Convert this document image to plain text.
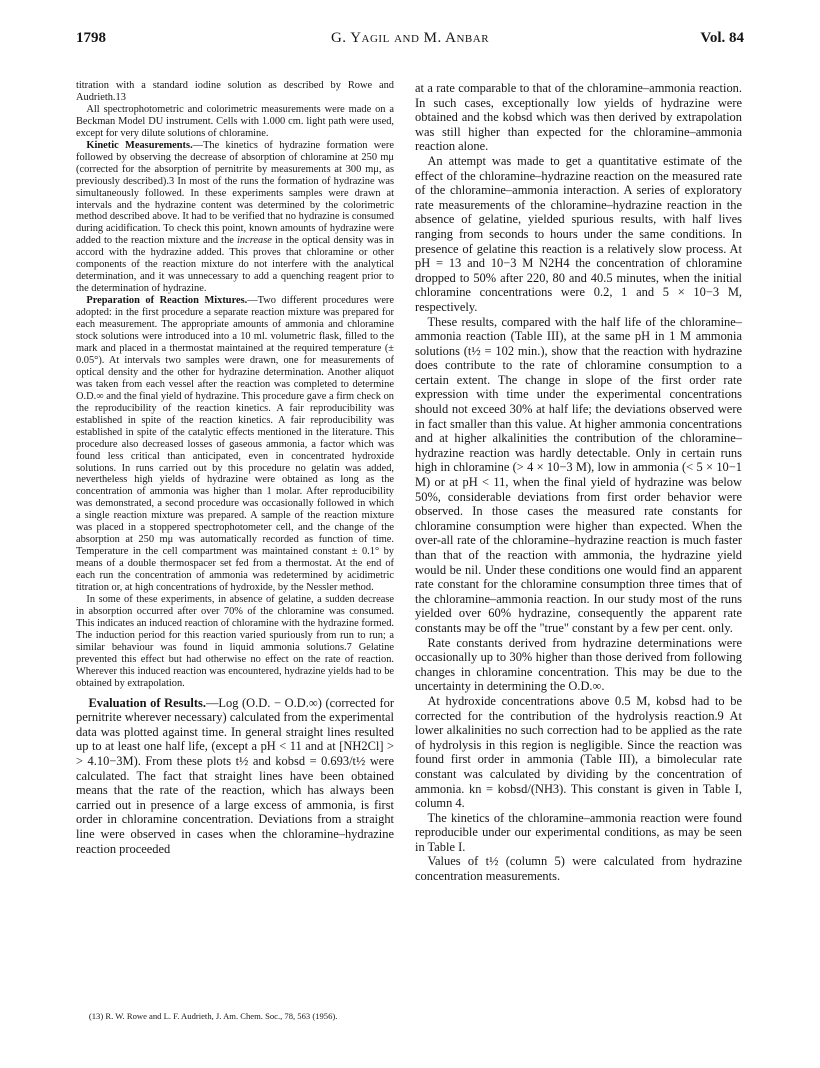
1798	G. Yagil and M. Anbar	Vol. 84

titration with a standard iodine solution as described by Rowe and Audrieth.13

All spectrophotometric and colorimetric measurements were made on a Beckman Model DU instrument. Cells with 1.000 cm. light path were used, except for very dilute solutions of chloramine.

Kinetic Measurements.—The kinetics of hydrazine formation were followed by observing the decrease of absorption of chloramine at 250 mμ (corrected for the absorption of pernitrite by measurements at 300 mμ, as previously described).3 In most of the runs the formation of hydrazine was simultaneously followed. In these experiments samples were drawn at intervals and the hydrazine content was determined by the colorimetric method described above. It had to be verified that no hydrazine is consumed during acidification. To check this point, known amounts of hydrazine were added to the reaction mixture and the increase in the optical density was in accord with the hydrazine added. This proves that chloramine or other components of the reaction mixture do not interfere with the analytical determination, and it was unnecessary to add a quenching reagent prior to the determination of hydrazine.

Preparation of Reaction Mixtures.—Two different procedures were adopted: in the first procedure a separate reaction mixture was prepared for each measurement. The appropriate amounts of ammonia and chloramine stock solutions were introduced into a 10 ml. volumetric flask, filled to the mark and placed in a thermostat maintained at the required temperature (± 0.05°). At intervals two samples were drawn, one for measurements of optical density and the other for hydrazine determination. Another aliquot was taken from each vessel after the reaction was completed to determine O.D.∞ and the final yield of hydrazine. This procedure gave a firm check on the reproducibility of the reaction kinetics. A fair reproducibility was established in spite of the reaction kinetics. A fair reproducibility was established in spite of the catalytic effects mentioned in the literature. This procedure also decreased losses of gaseous ammonia, a factor which was found less critical than anticipated, even in concentrated hydroxide solutions. In runs carried out by this procedure no gelatin was added, nevertheless high yields of hydrazine were obtained as long as the concentration of ammonia was higher than 1 molar. After reproducibility was demonstrated, a second procedure was occasionally followed in which a single reaction mixture was prepared. A sample of the reaction mixture was placed in a stoppered spectrophotometer cell, and the change of the absorption at 250 mμ was automatically recorded as function of time. Temperature in the cell compartment was maintained constant ± 0.1° by means of a double thermospacer set fed from a thermostat. At the end of each run the concentration of ammonia was redetermined by acidimetric titration or, at high concentrations of hydroxide, by the Nessler method.

In some of these experiments, in absence of gelatine, a sudden decrease in absorption occurred after over 70% of the chloramine was consumed. This indicates an induced reaction of chloramine with the hydrazine formed. The induction period for this reaction varied spuriously from run to run; a similar behaviour was found in liquid ammonia solutions.7 Gelatine prevented this effect but had otherwise no effect on the rate of reaction. Wherever this induced reaction was encountered, hydrazine yields had to be obtained by extrapolation.

Evaluation of Results.—Log (O.D. − O.D.∞) (corrected for pernitrite wherever necessary) calculated from the experimental data was plotted against time. In general straight lines resulted up to at least one half life, (except a pH < 11 and at [NH2Cl] > > 4.10−3M). From these plots t½ and kobsd = 0.693/t½ were calculated. The fact that straight lines have been obtained means that the rate of the reaction, which has always been carried out in presence of a large excess of ammonia, is first order in chloramine concentration. Deviations from a straight line were observed in cases when the chloramine–hydrazine reaction proceeded

(13) R. W. Rowe and L. F. Audrieth, J. Am. Chem. Soc., 78, 563 (1956).

at a rate comparable to that of the chloramine–ammonia reaction. In such cases, exceptionally low yields of hydrazine were obtained and the kobsd which was then derived by extrapolation was still higher than expected for the chloramine–ammonia reaction alone.

An attempt was made to get a quantitative estimate of the effect of the chloramine–hydrazine reaction on the measured rate of the chloramine–ammonia interaction. A series of exploratory rate measurements of the chloramine–hydrazine reaction in the absence of gelatine, yielded spurious results, with half lives ranging from seconds to hours under the same conditions. In presence of gelatine this reaction is a relatively slow process. At pH = 13 and 10−3 M N2H4 the concentration of chloramine dropped to 50% after 220, 80 and 40.5 minutes, when the initial chloramine concentrations were 0.2, 1 and 5 × 10−3 M, respectively.

These results, compared with the half life of the chloramine–ammonia reaction (Table III), at the same pH in 1 M ammonia solutions (t½ = 102 min.), show that the reaction with hydrazine does contribute to the rate of chloramine consumption to a certain extent. The change in slope of the first order rate expression with time under the experimental concentrations should not exceed 30% at half life; the deviations observed were in fact smaller than this value. At higher ammonia concentrations and at higher alkalinities the contribution of the chloramine–hydrazine reaction was hardly detectable. Only in certain runs high in chloramine (> 4 × 10−3 M), low in ammonia (< 5 × 10−1 M) or at pH < 11, when the final yield of hydrazine was below 50%, considerable deviations from first order behavior were observed. In those cases the measured rate constants for chloramine consumption were higher than expected. When the over-all rate of the chloramine–hydrazine reaction is much faster than that of the reaction with ammonia, the hydrazine yield would be nil. Under these conditions one would find an apparent rate constant for the chloramine consumption three times that of the chloramine–ammonia reaction. In our study most of the runs yielded over 60% hydrazine, consequently the apparent rate constants may be off the "true" constant by a few per cent. only.

Rate constants derived from hydrazine determinations were occasionally up to 30% higher than those derived from following changes in chloramine concentration. This may be due to the uncertainty in determining the O.D.∞.

At hydroxide concentrations above 0.5 M, kobsd had to be corrected for the contribution of the hydrolysis reaction.9 At lower alkalinities no such correction had to be applied as the rate of hydrolysis in this region is negligible. Since the reaction was found first order in ammonia (Table III), a bimolecular rate constant was calculated by dividing by the concentration of ammonia. kn = kobsd/(NH3). This constant is given in Table I, column 4.

The kinetics of the chloramine–ammonia reaction were found reproducible under our experimental conditions, as may be seen in Table I.

Values of t½ (column 5) were calculated from hydrazine concentration measurements.
